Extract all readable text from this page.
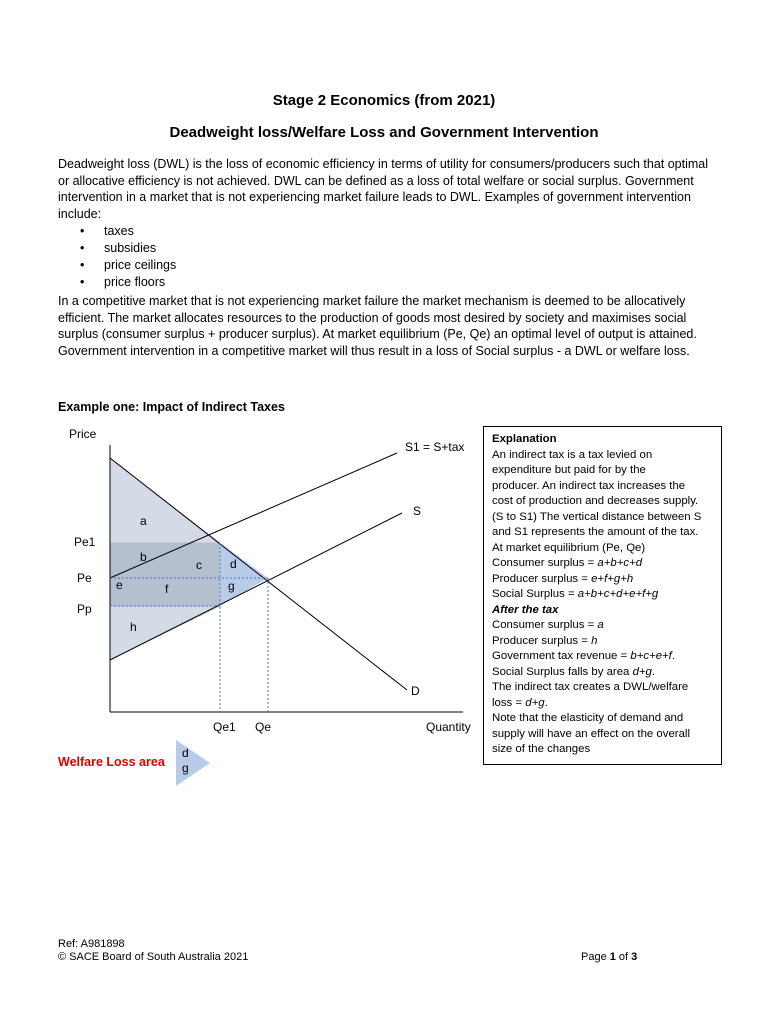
Stage 2 Economics (from 2021)
Deadweight loss/Welfare Loss and Government Intervention
Deadweight loss (DWL) is the loss of economic efficiency in terms of utility for consumers/producers such that optimal or allocative efficiency is not achieved. DWL can be defined as a loss of total welfare or social surplus. Government intervention in a market that is not experiencing market failure leads to DWL. Examples of government intervention include:
• taxes
• subsidies
• price ceilings
• price floors
In a competitive market that is not experiencing market failure the market mechanism is deemed to be allocatively efficient. The market allocates resources to the production of goods most desired by society and maximises social surplus (consumer surplus + producer surplus). At market equilibrium (Pe, Qe) an optimal level of output is attained. Government intervention in a competitive market will thus result in a loss of Social surplus - a DWL or welfare loss.
Example one: Impact of Indirect Taxes
Price
Quantity
Pe1
Pe
Pp
Qe1 Qe
S1 = S+tax
S
D
a
b
c d
e	f	g
h
Explanation
An indirect tax is a tax levied on
expenditure but paid for by the
producer. An indirect tax increases the
cost of production and decreases supply.
(S to S1) The vertical distance between S
and S1 represents the amount of the tax.
At market equilibrium (Pe, Qe)
Consumer surplus = a+b+c+d
Producer surplus = e+f+g+h
Social Surplus = a+b+c+d+e+f+g
After the tax
Consumer surplus = a
Producer surplus = h
Government tax revenue = b+c+e+f.
Social Surplus falls by area d+g.
The indirect tax creates a DWL/welfare
loss = d+g.
Note that the elasticity of demand and
supply will have an effect on the overall
size of the changes
Welfare Loss area
d
g
Ref: A981898
© SACE Board of South Australia 2021	Page 1 of 3
